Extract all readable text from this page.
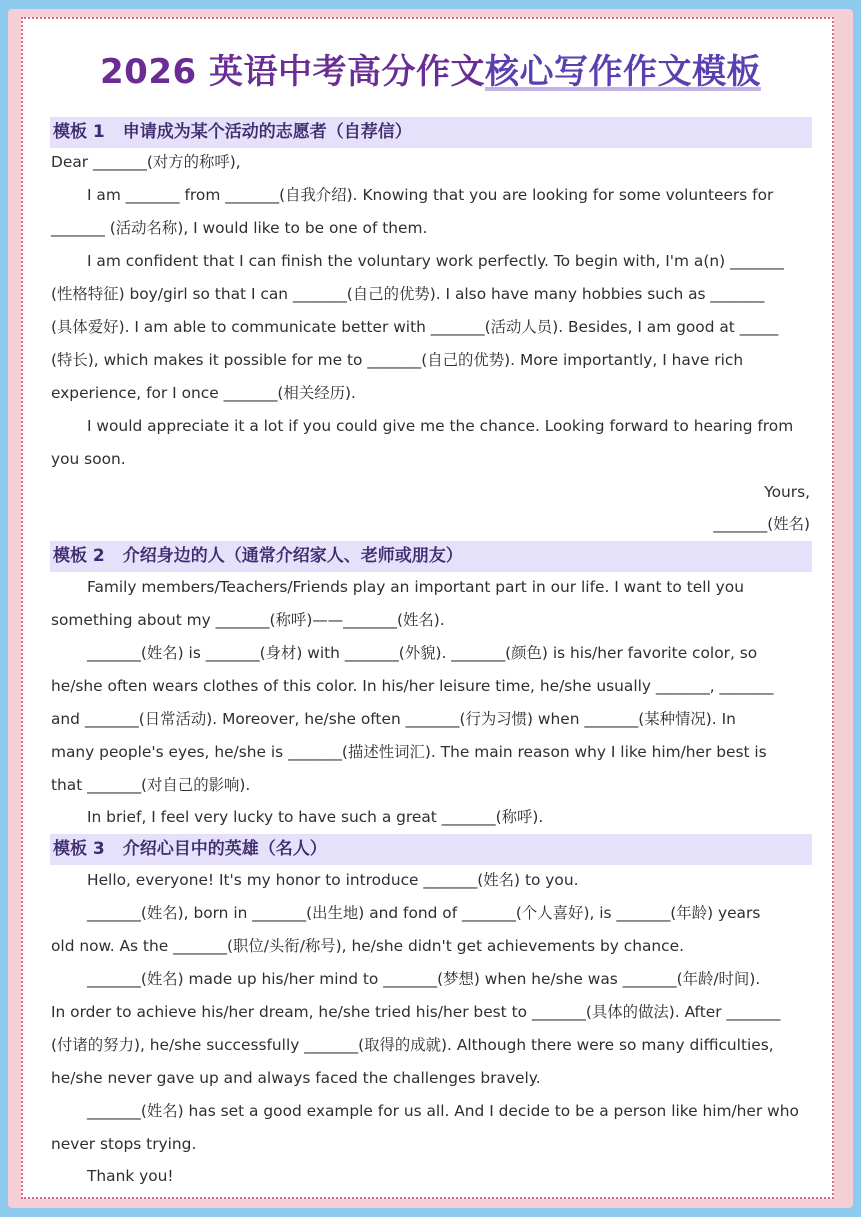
2026 英语中考高分作文核心写作作文模板
模板 1 申请成为某个活动的志愿者（自荐信）
Dear _______(对方的称呼),
I am _______ from _______(自我介绍). Knowing that you are looking for some volunteers for
_______ (活动名称), I would like to be one of them.
I am confident that I can finish the voluntary work perfectly. To begin with, I'm a(n) _______
(性格特征) boy/girl so that I can _______(自己的优势). I also have many hobbies such as _______
(具体爱好). I am able to communicate better with _______(活动人员). Besides, I am good at _____
(特长), which makes it possible for me to _______(自己的优势). More importantly, I have rich
experience, for I once _______(相关经历).
I would appreciate it a lot if you could give me the chance. Looking forward to hearing from
you soon.
Yours,
_______(姓名)
模板 2 介绍身边的人（通常介绍家人、老师或朋友）
Family members/Teachers/Friends play an important part in our life. I want to tell you
something about my _______(称呼)——_______(姓名).
_______(姓名) is _______(身材) with _______(外貌). _______(颜色) is his/her favorite color, so
he/she often wears clothes of this color. In his/her leisure time, he/she usually _______, _______
and _______(日常活动). Moreover, he/she often _______(行为习惯) when _______(某种情况). In
many people's eyes, he/she is _______(描述性词汇). The main reason why I like him/her best is
that _______(对自己的影响).
In brief, I feel very lucky to have such a great _______(称呼).
模板 3 介绍心目中的英雄（名人）
Hello, everyone! It's my honor to introduce _______(姓名) to you.
_______(姓名), born in _______(出生地) and fond of _______(个人喜好), is _______(年龄) years
old now. As the _______(职位/头衔/称号), he/she didn't get achievements by chance.
_______(姓名) made up his/her mind to _______(梦想) when he/she was _______(年龄/时间).
In order to achieve his/her dream, he/she tried his/her best to _______(具体的做法). After _______
(付诸的努力), he/she successfully _______(取得的成就). Although there were so many difficulties,
he/she never gave up and always faced the challenges bravely.
_______(姓名) has set a good example for us all. And I decide to be a person like him/her who
never stops trying.
Thank you!
